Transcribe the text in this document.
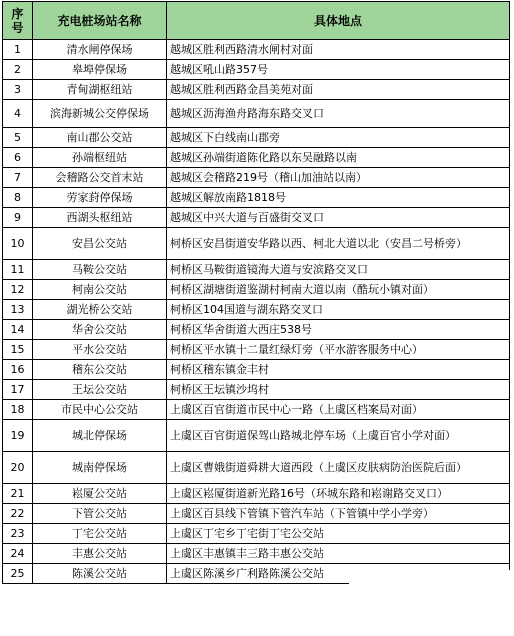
序号	充电桩场站名称	具体地点
1	清水闸停保场	越城区胜利西路清水闸村对面
2	皋埠停保场	越城区吼山路357号
3	青甸湖枢纽站	越城区胜利西路金昌美苑对面
4	滨海新城公交停保场	越城区沥海渔舟路海东路交叉口
5	南山郡公交站	越城区下白线南山郡旁
6	孙端枢纽站	越城区孙端街道陈化路以东吴融路以南
7	会稽路公交首末站	越城区会稽路219号（稽山加油站以南）
8	劳家葑停保场	越城区解放南路1818号
9	西湖头枢纽站	越城区中兴大道与百盛街交叉口
10	安昌公交站	柯桥区安昌街道安华路以西、柯北大道以北（安昌二号桥旁）
11	马鞍公交站	柯桥区马鞍街道镜海大道与安滨路交叉口
12	柯南公交站	柯桥区湖塘街道鉴湖村柯南大道以南（酷玩小镇对面）
13	湖光桥公交站	柯桥区104国道与湖东路交叉口
14	华舍公交站	柯桥区华舍街道大西庄538号
15	平水公交站	柯桥区平水镇十二量红绿灯旁（平水游客服务中心）
16	稽东公交站	柯桥区稽东镇金丰村
17	王坛公交站	柯桥区王坛镇沙坞村
18	市民中心公交站	上虞区百官街道市民中心一路（上虞区档案局对面）
19	城北停保场	上虞区百官街道保驾山路城北停车场（上虞百官小学对面）
20	城南停保场	上虞区曹娥街道舜耕大道西段（上虞区皮肤病防治医院后面）
21	崧厦公交站	上虞区崧厦街道新光路16号（环城东路和崧谢路交叉口）
22	下管公交站	上虞区百县线下管镇下管汽车站（下管镇中学小学旁）
23	丁宅公交站	上虞区丁宅乡丁宅街丁宅公交站
24	丰惠公交站	上虞区丰惠镇丰三路丰惠公交站
25	陈溪公交站	上虞区陈溪乡广利路陈溪公交站
